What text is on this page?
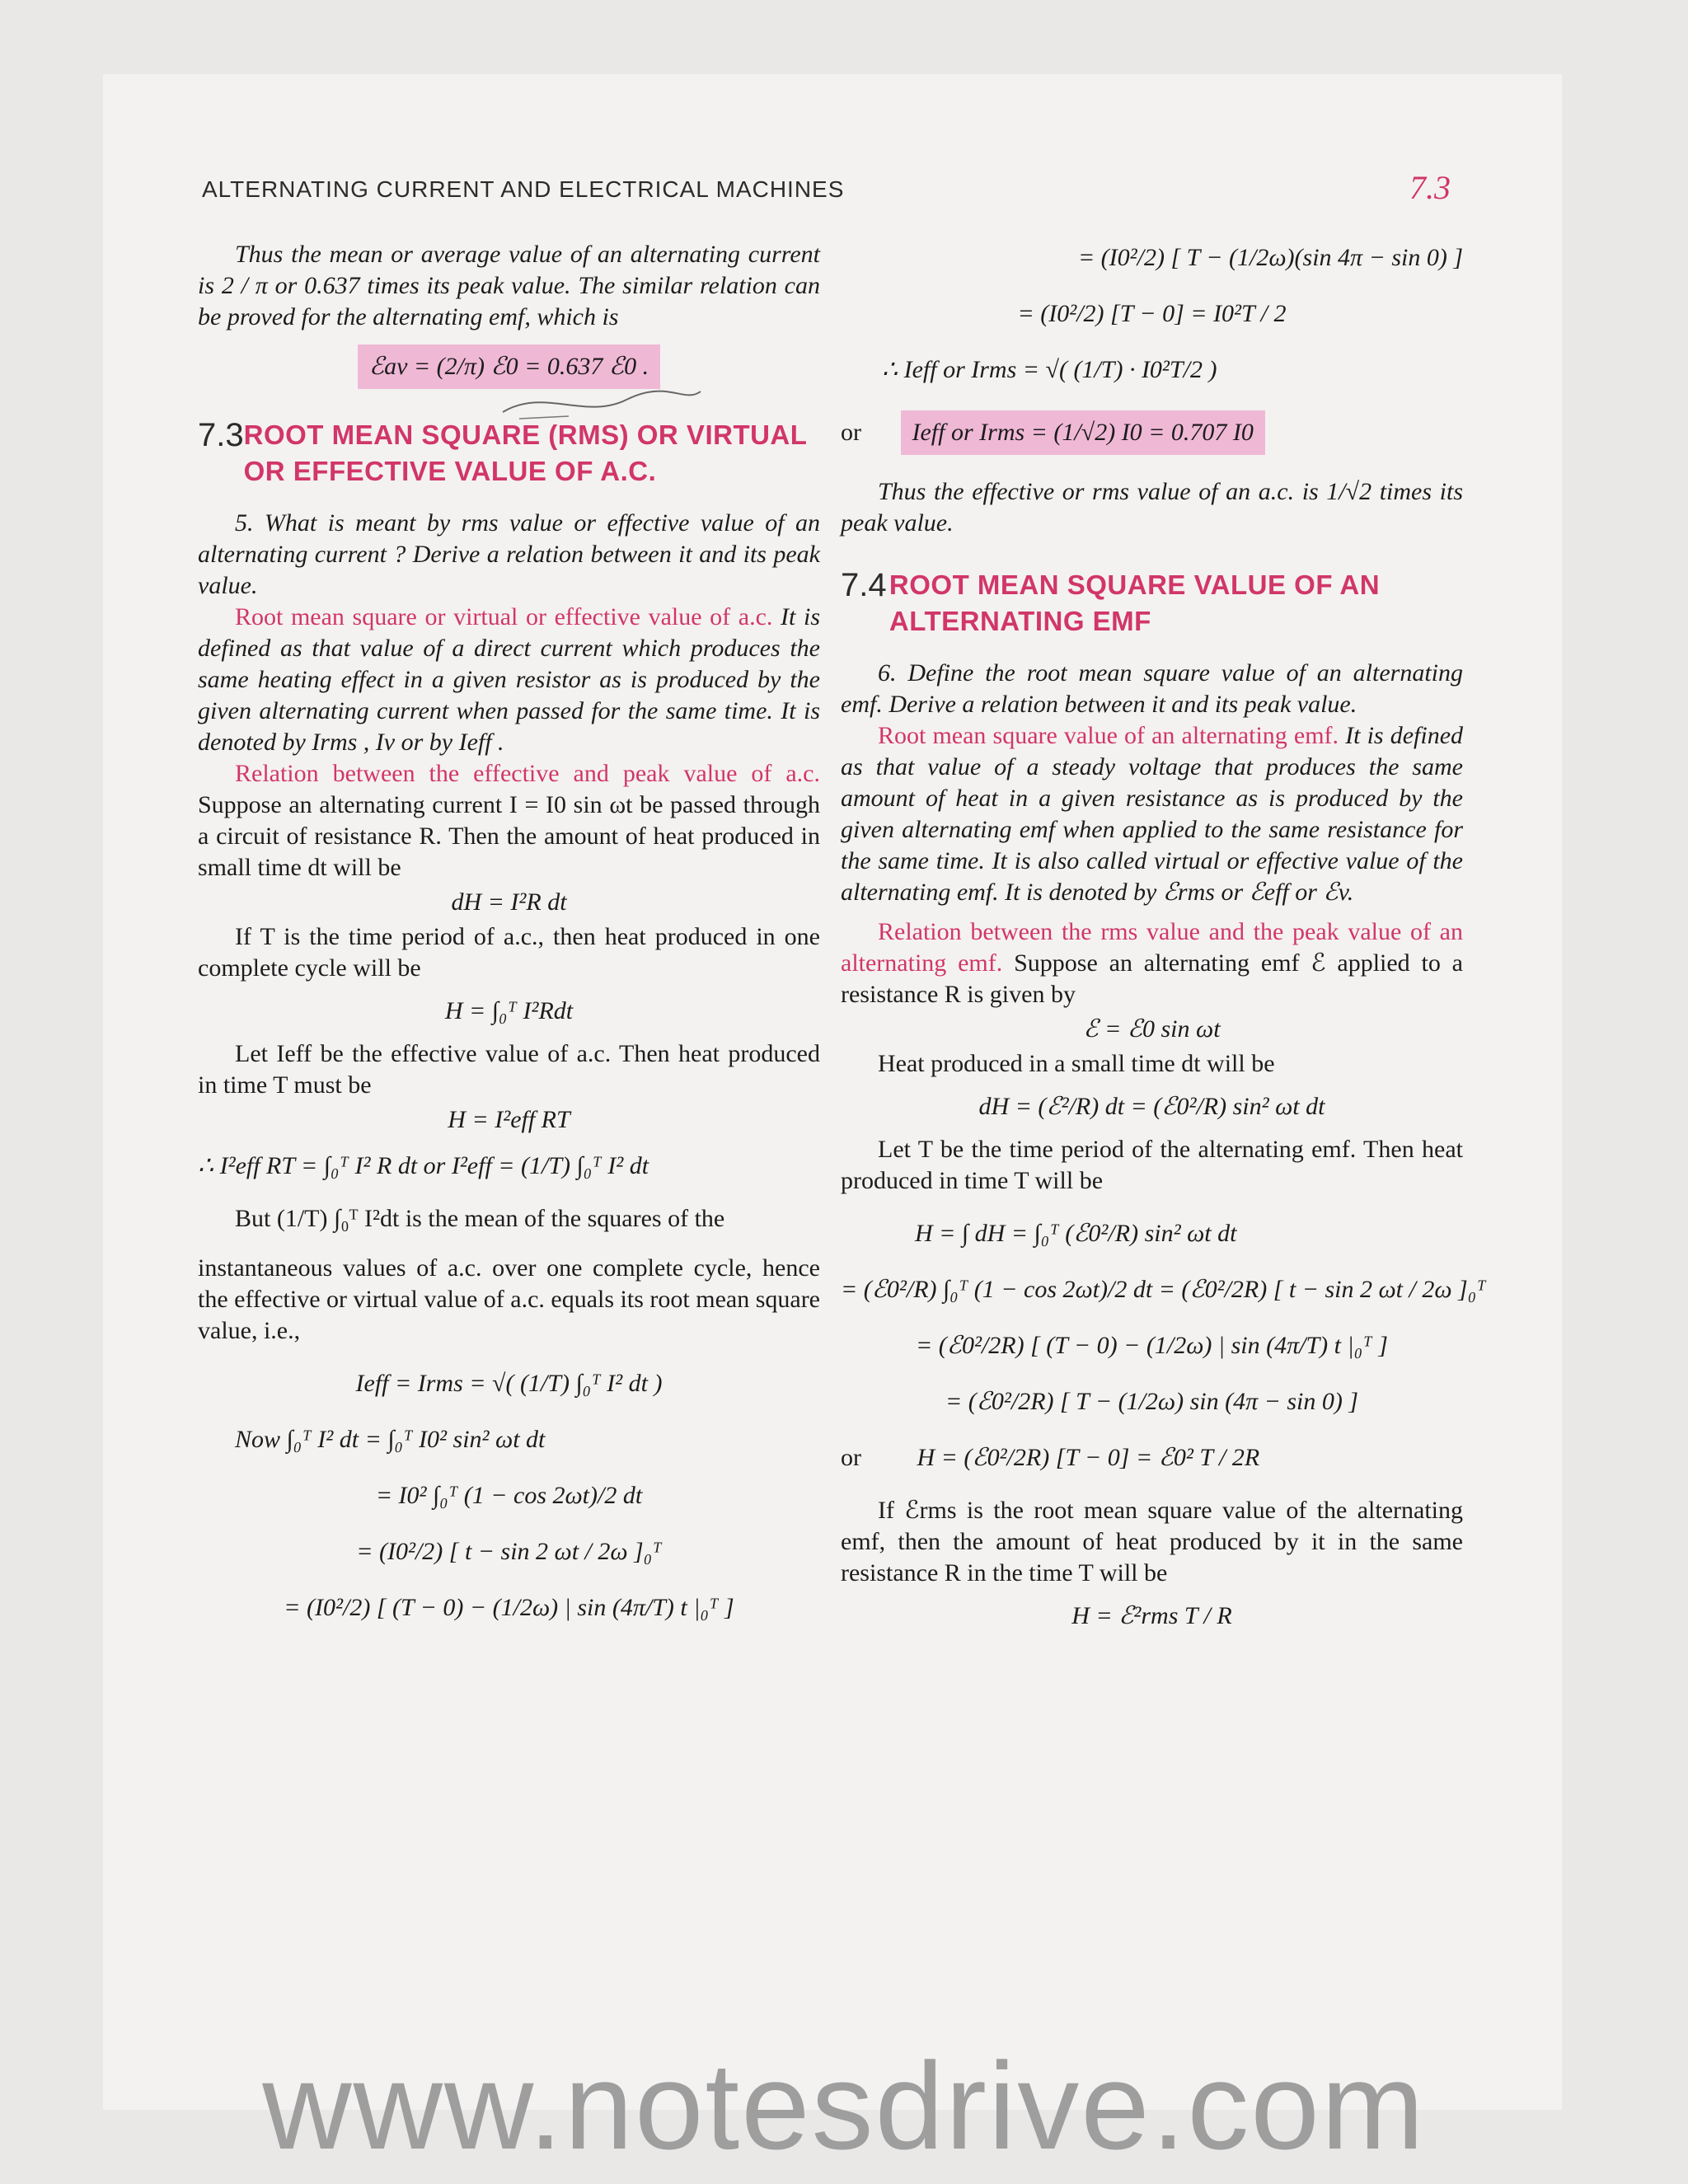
ALTERNATING CURRENT AND ELECTRICAL MACHINES	7.3

Thus the mean or average value of an alternating current is 2 / π or 0.637 times its peak value. The similar relation can be proved for the alternating emf, which is

ℰav = (2/π) ℰ0 = 0.637 ℰ0 .
7.3 ROOT MEAN SQUARE (RMS) OR VIRTUAL OR EFFECTIVE VALUE OF A.C.

5. What is meant by rms value or effective value of an alternating current ? Derive a relation between it and its peak value.

Root mean square or virtual or effective value of a.c. It is defined as that value of a direct current which produces the same heating effect in a given resistor as is produced by the given alternating current when passed for the same time. It is denoted by Irms , Iv or by Ieff .

Relation between the effective and peak value of a.c. Suppose an alternating current I = I0 sin ωt be passed through a circuit of resistance R. Then the amount of heat produced in small time dt will be

dH = I²R dt

If T is the time period of a.c., then heat produced in one complete cycle will be

H = ∫₀ᵀ I²Rdt

Let Ieff be the effective value of a.c. Then heat produced in time T must be

H = I²eff RT
∴ I²eff RT = ∫₀ᵀ I² R dt or I²eff = (1/T) ∫₀ᵀ I² dt

But (1/T) ∫₀ᵀ I²dt is the mean of the squares of the

instantaneous values of a.c. over one complete cycle, hence the effective or virtual value of a.c. equals its root mean square value, i.e.,

Ieff = Irms = √( (1/T) ∫₀ᵀ I² dt )
Now ∫₀ᵀ I² dt = ∫₀ᵀ I0² sin² ωt dt
= I0² ∫₀ᵀ (1 − cos 2ωt)/2 dt
= (I0²/2) [ t − sin 2 ωt / 2ω ]₀ᵀ
= (I0²/2) [ (T − 0) − (1/2ω) | sin (4π/T) t |₀ᵀ ]
= (I0²/2) [ T − (1/2ω)(sin 4π − sin 0) ]
= (I0²/2) [T − 0] = I0²T / 2
∴ Ieff or Irms = √( (1/T) · I0²T/2 )
or Ieff or Irms = (1/√2) I0 = 0.707 I0

Thus the effective or rms value of an a.c. is 1/√2 times its peak value.

7.4 ROOT MEAN SQUARE VALUE OF AN ALTERNATING EMF

6. Define the root mean square value of an alternating emf. Derive a relation between it and its peak value.

Root mean square value of an alternating emf. It is defined as that value of a steady voltage that produces the same amount of heat in a given resistance as is produced by the given alternating emf when applied to the same resistance for the same time. It is also called virtual or effective value of the alternating emf. It is denoted by ℰrms or ℰeff or ℰv.

Relation between the rms value and the peak value of an alternating emf. Suppose an alternating emf ℰ applied to a resistance R is given by

ℰ = ℰ0 sin ωt

Heat produced in a small time dt will be

dH = (ℰ²/R) dt = (ℰ0²/R) sin² ωt dt

Let T be the time period of the alternating emf. Then heat produced in time T will be

H = ∫ dH = ∫₀ᵀ (ℰ0²/R) sin² ωt dt
= (ℰ0²/R) ∫₀ᵀ (1 − cos 2ωt)/2 dt = (ℰ0²/2R) [ t − sin 2 ωt / 2ω ]₀ᵀ
= (ℰ0²/2R) [ (T − 0) − (1/2ω) | sin (4π/T) t |₀ᵀ ]
= (ℰ0²/2R) [ T − (1/2ω) sin (4π − sin 0) ]
or H = (ℰ0²/2R) [T − 0] = ℰ0² T / 2R

If ℰrms is the root mean square value of the alternating emf, then the amount of heat produced by it in the same resistance R in the time T will be

H = ℰ²rms T / R
www.notesdrive.com
